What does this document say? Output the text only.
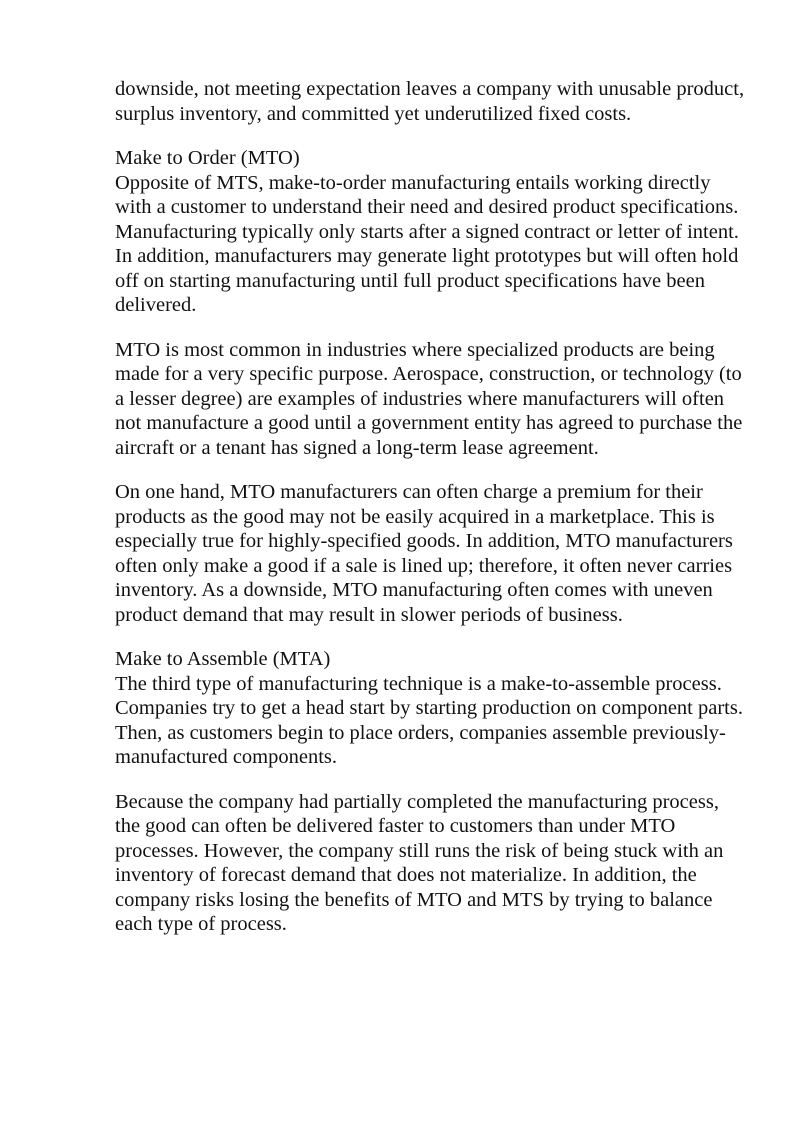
downside, not meeting expectation leaves a company with unusable product, surplus inventory, and committed yet underutilized fixed costs.

Make to Order (MTO)
Opposite of MTS, make-to-order manufacturing entails working directly with a customer to understand their need and desired product specifications. Manufacturing typically only starts after a signed contract or letter of intent. In addition, manufacturers may generate light prototypes but will often hold off on starting manufacturing until full product specifications have been delivered.

MTO is most common in industries where specialized products are being made for a very specific purpose. Aerospace, construction, or technology (to a lesser degree) are examples of industries where manufacturers will often not manufacture a good until a government entity has agreed to purchase the aircraft or a tenant has signed a long-term lease agreement.

On one hand, MTO manufacturers can often charge a premium for their products as the good may not be easily acquired in a marketplace. This is especially true for highly-specified goods. In addition, MTO manufacturers often only make a good if a sale is lined up; therefore, it often never carries inventory. As a downside, MTO manufacturing often comes with uneven product demand that may result in slower periods of business.

Make to Assemble (MTA)
The third type of manufacturing technique is a make-to-assemble process. Companies try to get a head start by starting production on component parts. Then, as customers begin to place orders, companies assemble previously-manufactured components.

Because the company had partially completed the manufacturing process, the good can often be delivered faster to customers than under MTO processes. However, the company still runs the risk of being stuck with an inventory of forecast demand that does not materialize. In addition, the company risks losing the benefits of MTO and MTS by trying to balance each type of process.
